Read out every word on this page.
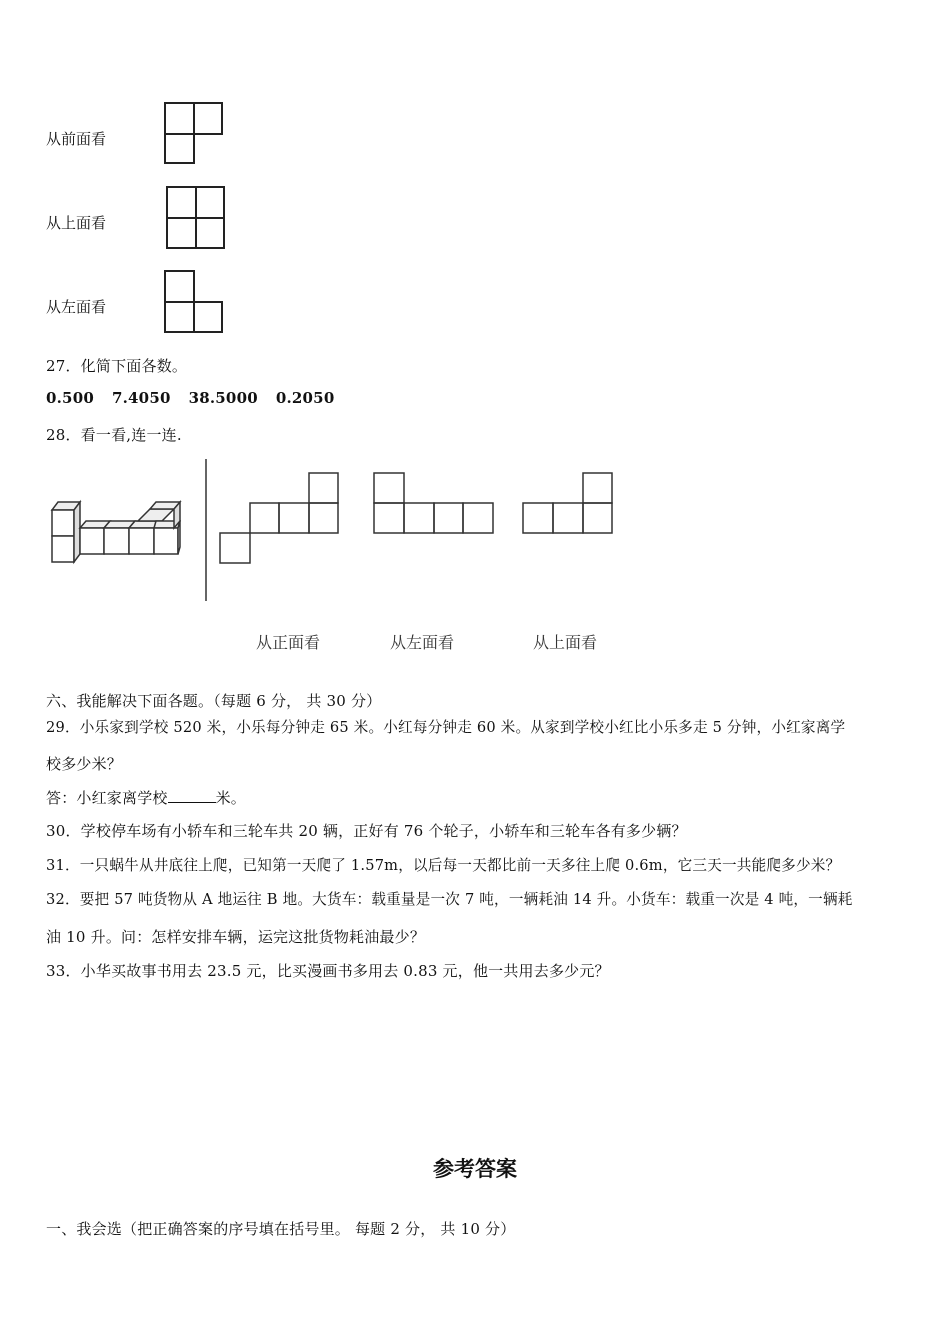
从前面看
从上面看
从左面看
27．化简下面各数。
0.500 7.4050 38.5000 0.2050
28．看一看,连一连.
从正面看	从左面看	从上面看
六、我能解决下面各题。（每题 6 分， 共 30 分）
29．小乐家到学校 520 米，小乐每分钟走 65 米。小红每分钟走 60 米。从家到学校小红比小乐多走 5 分钟，小红家离学
校多少米？
答：小红家离学校	米。
30．学校停车场有小轿车和三轮车共 20 辆，正好有 76 个轮子，小轿车和三轮车各有多少辆？
31．一只蜗牛从井底往上爬，已知第一天爬了 1.57m，以后每一天都比前一天多往上爬 0.6m，它三天一共能爬多少米？
32．要把 57 吨货物从 A 地运往 B 地。大货车：载重量是一次 7 吨，一辆耗油 14 升。小货车：载重一次是 4 吨，一辆耗
油 10 升。问：怎样安排车辆，运完这批货物耗油最少？
33．小华买故事书用去 23.5 元，比买漫画书多用去 0.83 元，他一共用去多少元？
参考答案
一、我会选（把正确答案的序号填在括号里。 每题 2 分， 共 10 分）
